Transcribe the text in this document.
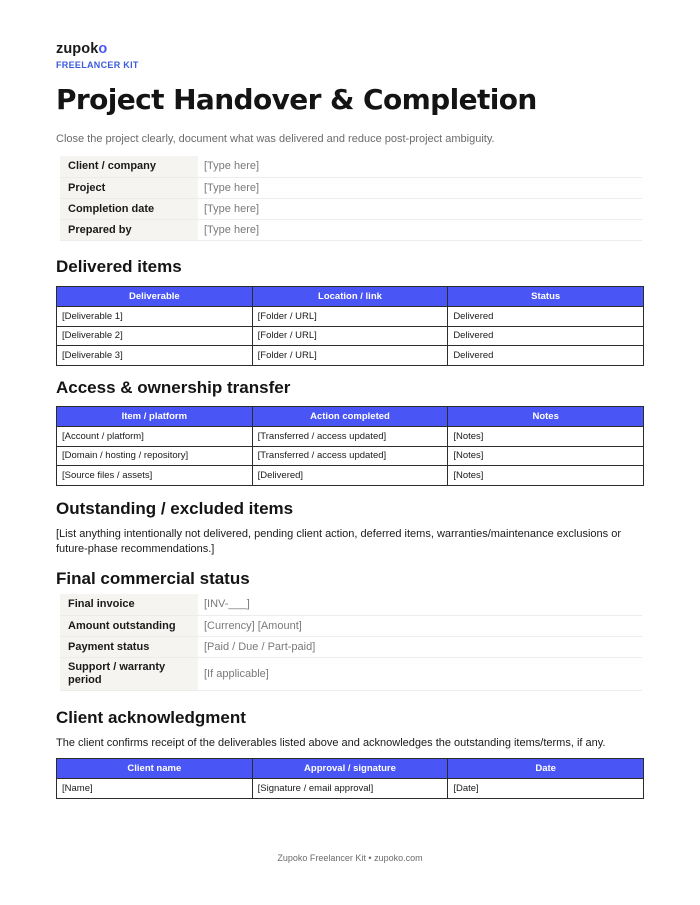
zupoko
FREELANCER KIT
Project Handover & Completion
Close the project clearly, document what was delivered and reduce post-project ambiguity.
Client / company	[Type here]
Project	[Type here]
Completion date	[Type here]
Prepared by	[Type here]
Delivered items
Deliverable	Location / link	Status
[Deliverable 1]	[Folder / URL]	Delivered
[Deliverable 2]	[Folder / URL]	Delivered
[Deliverable 3]	[Folder / URL]	Delivered
Access & ownership transfer
Item / platform	Action completed	Notes
[Account / platform]	[Transferred / access updated]	[Notes]
[Domain / hosting / repository]	[Transferred / access updated]	[Notes]
[Source files / assets]	[Delivered]	[Notes]
Outstanding / excluded items
[List anything intentionally not delivered, pending client action, deferred items, warranties/maintenance exclusions or future-phase recommendations.]
Final commercial status
Final invoice	[INV-___]
Amount outstanding	[Currency] [Amount]
Payment status	[Paid / Due / Part-paid]
Support / warranty period	[If applicable]
Client acknowledgment
The client confirms receipt of the deliverables listed above and acknowledges the outstanding items/terms, if any.
Client name	Approval / signature	Date
[Name]	[Signature / email approval]	[Date]
Zupoko Freelancer Kit • zupoko.com
